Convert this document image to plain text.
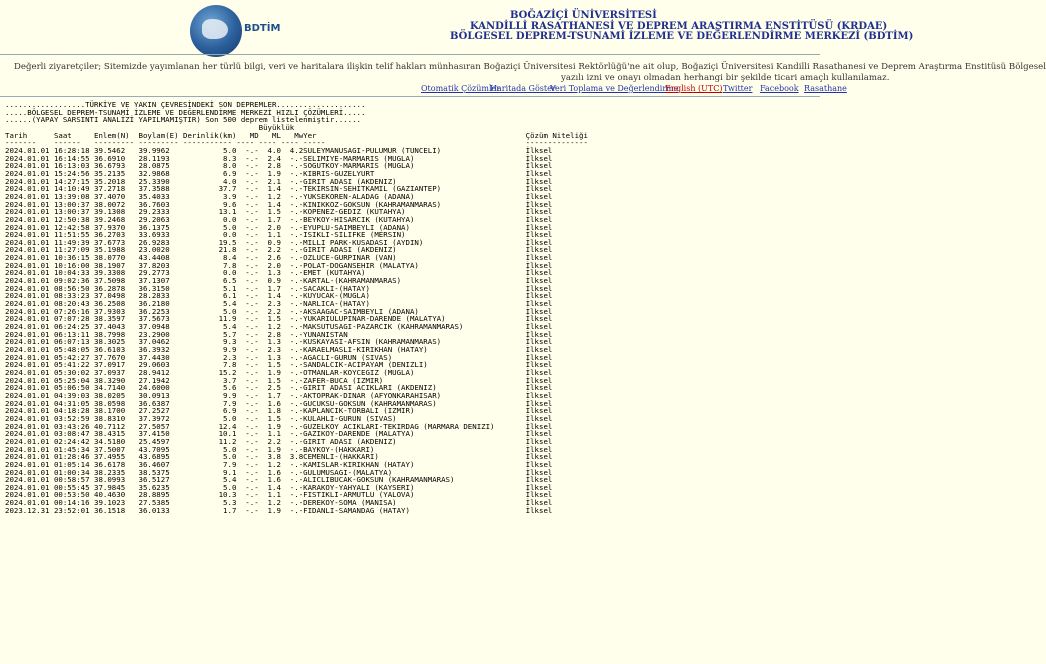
BDTİM
BOĞAZİÇİ ÜNİVERSİTESİ
KANDİLLİ RASATHANESİ VE DEPREM ARAŞTIRMA ENSTİTÜSÜ (KRDAE)
BÖLGESEL DEPREM-TSUNAMİ İZLEME VE DEĞERLENDİRME MERKEZİ (BDTİM)
Değerli ziyaretçiler; Sitemizde yayımlanan her türlü bilgi, veri ve haritalara ilişkin telif hakları münhasıran Boğaziçi Üniversitesi Rektörlüğü'ne ait olup, Boğaziçi Üniversitesi Kandilli Rasathanesi ve Deprem Araştırma Enstitüsü Bölgesel
yazılı izni ve onayı olmadan herhangi bir şekilde ticari amaçlı kullanılamaz.
Otomatik Çözümler
Haritada Göster
Veri Toplama ve Değerlendirme
English (UTC) Twitter Facebook Rasathane
..................TÜRKİYE VE YAKIN ÇEVRESİNDEKİ SON DEPREMLER....................
.....BÖLGESEL DEPREM-TSUNAMİ İZLEME VE DEĞERLENDİRME MERKEZİ HIZLI ÇÖZÜMLERİ.....
......(YAPAY SARSINTI ANALİZİ YAPILMAMIŞTIR) Son 500 deprem listelenmiştir......
Büyüklük
Tarih      Saat     Enlem(N)  Boylam(E) Derinlik(km)   MD   ML   MwYer                                               Çözüm Niteliği
-------    ------   --------- --------- ----------- ---- ---- ---- -----                                             --------------
2024.01.01 16:28:18 39.5462   39.9962            5.0  -.-  4.0  4.2SULEYMANUSAGI-PULUMUR (TUNCELI)                   İlksel
2024.01.01 16:14:55 36.6910   28.1193            8.3  -.-  2.4  -.-SELIMIYE-MARMARIS (MUGLA)                         İlksel
2024.01.01 16:13:03 36.6793   28.0875            8.0  -.-  2.8  -.-SOGUTKOY-MARMARIS (MUGLA)                         İlksel
2024.01.01 15:24:56 35.2135   32.9868            6.9  -.-  1.9  -.-KIBRIS-GUZELYURT                                  İlksel
2024.01.01 14:27:15 35.2018   25.3390            4.0  -.-  2.1  -.-GIRIT ADASI (AKDENIZ)                             İlksel
2024.01.01 14:10:49 37.2718   37.3588           37.7  -.-  1.4  -.-TEKIRSIN-SEHITKAMIL (GAZIANTEP)                   İlksel
2024.01.01 13:39:08 37.4070   35.4033            3.9  -.-  1.2  -.-YUKSEKOREN-ALADAG (ADANA)                         İlksel
2024.01.01 13:00:37 38.0072   36.7603            9.6  -.-  1.4  -.-KINIKKOZ-GOKSUN (KAHRAMANMARAS)                   İlksel
2024.01.01 13:00:37 39.1308   29.2333           13.1  -.-  1.5  -.-KOPENEZ-GEDIZ (KUTAHYA)                           İlksel
2024.01.01 12:50:38 39.2468   29.2063            0.0  -.-  1.7  -.-BEYKOY-HISARCIK (KUTAHYA)                         İlksel
2024.01.01 12:42:58 37.9370   36.1375            5.0  -.-  2.0  -.-EYUPLU-SAIMBEYLI (ADANA)                          İlksel
2024.01.01 11:51:55 36.2703   33.6933            0.0  -.-  1.1  -.-ISIKLI-SILIFKE (MERSIN)                           İlksel
2024.01.01 11:49:39 37.6773   26.9283           19.5  -.-  0.9  -.-MILLI PARK-KUSADASI (AYDIN)                       İlksel
2024.01.01 11:27:09 35.1988   23.0020           21.8  -.-  2.2  -.-GIRIT ADASI (AKDENIZ)                             İlksel
2024.01.01 10:36:15 38.0770   43.4408            8.4  -.-  2.6  -.-OZLUCE-GURPINAR (VAN)                             İlksel
2024.01.01 10:16:00 38.1907   37.8203            7.8  -.-  2.0  -.-POLAT-DOGANSEHIR (MALATYA)                        İlksel
2024.01.01 10:04:33 39.3308   29.2773            0.0  -.-  1.3  -.-EMET (KUTAHYA)                                    İlksel
2024.01.01 09:02:36 37.5098   37.1307            6.5  -.-  0.9  -.-KARTAL-(KAHRAMANMARAS)                            İlksel
2024.01.01 08:56:50 36.2878   36.3150            5.1  -.-  1.7  -.-SACAKLI-(HATAY)                                   İlksel
2024.01.01 08:33:23 37.0498   28.2833            6.1  -.-  1.4  -.-KUYUCAK-(MUGLA)                                   İlksel
2024.01.01 08:20:43 36.2508   36.2180            5.4  -.-  2.3  -.-NARLICA-(HATAY)                                   İlksel
2024.01.01 07:26:16 37.9303   36.2253            5.0  -.-  2.2  -.-AKSAAGAC-SAIMBEYLI (ADANA)                        İlksel
2024.01.01 07:07:28 38.3597   37.5673           11.9  -.-  1.5  -.-YUKARIULUPINAR-DARENDE (MALATYA)                  İlksel
2024.01.01 06:24:25 37.4043   37.0948            5.4  -.-  1.2  -.-MAKSUTUSAGI-PAZARCIK (KAHRAMANMARAS)              İlksel
2024.01.01 06:13:11 38.7998   23.2900            5.7  -.-  2.8  -.-YUNANISTAN                                        İlksel
2024.01.01 06:07:13 38.3025   37.0462            9.3  -.-  1.3  -.-KUSKAYASI-AFSIN (KAHRAMANMARAS)                   İlksel
2024.01.01 05:48:05 36.6103   36.3932            9.9  -.-  2.3  -.-KARAELMASLI-KIRIKHAN (HATAY)                      İlksel
2024.01.01 05:42:27 37.7670   37.4430            2.3  -.-  1.3  -.-AGACLI-GURUN (SIVAS)                              İlksel
2024.01.01 05:41:22 37.0917   29.0603            7.8  -.-  1.5  -.-SANDALCIK-ACIPAYAM (DENIZLI)                      İlksel
2024.01.01 05:30:02 37.0937   28.9412           15.2  -.-  1.9  -.-OTMANLAR-KOYCEGIZ (MUGLA)                         İlksel
2024.01.01 05:25:04 38.3290   27.1942            3.7  -.-  1.5  -.-ZAFER-BUCA (IZMIR)                                İlksel
2024.01.01 05:06:50 34.7140   24.6000            5.6  -.-  2.5  -.-GIRIT ADASI ACIKLARI (AKDENIZ)                    İlksel
2024.01.01 04:39:03 38.0205   30.0913            9.9  -.-  1.7  -.-AKTOPRAK-DINAR (AFYONKARAHISAR)                   İlksel
2024.01.01 04:31:05 38.0598   36.6387            7.9  -.-  1.6  -.-GUCUKSU-GOKSUN (KAHRAMANMARAS)                    İlksel
2024.01.01 04:18:28 38.1700   27.2527            6.9  -.-  1.8  -.-KAPLANCIK-TORBALI (IZMIR)                         İlksel
2024.01.01 03:52:59 38.8310   37.3972            5.0  -.-  1.5  -.-KULAHLI-GURUN (SIVAS)                             İlksel
2024.01.01 03:43:26 40.7112   27.5057           12.4  -.-  1.9  -.-GUZELKOY ACIKLARI-TEKIRDAG (MARMARA DENIZI)       İlksel
2024.01.01 03:08:47 38.4315   37.4150           10.1  -.-  1.1  -.-GAZIKOY-DARENDE (MALATYA)                         İlksel
2024.01.01 02:24:42 34.5180   25.4597           11.2  -.-  2.2  -.-GIRIT ADASI (AKDENIZ)                             İlksel
2024.01.01 01:45:34 37.5007   43.7095            5.0  -.-  1.9  -.-BAYKOY-(HAKKARI)                                  İlksel
2024.01.01 01:28:46 37.4955   43.6895            5.0  -.-  3.8  3.8CEMENLI-(HAKKARI)                                 İlksel
2024.01.01 01:05:14 36.6178   36.4607            7.9  -.-  1.2  -.-KAMISLAR-KIRIKHAN (HATAY)                         İlksel
2024.01.01 01:00:34 38.2335   38.5375            9.1  -.-  1.6  -.-GULUMUSAGI-(MALATYA)                              İlksel
2024.01.01 00:58:57 38.0993   36.5127            5.4  -.-  1.6  -.-ALICLIBUCAK-GOKSUN (KAHRAMANMARAS)                İlksel
2024.01.01 00:55:45 37.9845   35.6235            5.0  -.-  1.4  -.-KARAKOY-YAHYALI (KAYSERI)                         İlksel
2024.01.01 00:53:50 40.4630   28.8895           10.3  -.-  1.1  -.-FISTIKLI-ARMUTLU (YALOVA)                         İlksel
2024.01.01 00:14:16 39.1023   27.5385            5.3  -.-  1.2  -.-DEREKOY-SOMA (MANISA)                             İlksel
2023.12.31 23:52:01 36.1518   36.0133            1.7  -.-  1.9  -.-FIDANLI-SAMANDAG (HATAY)                          İlksel
